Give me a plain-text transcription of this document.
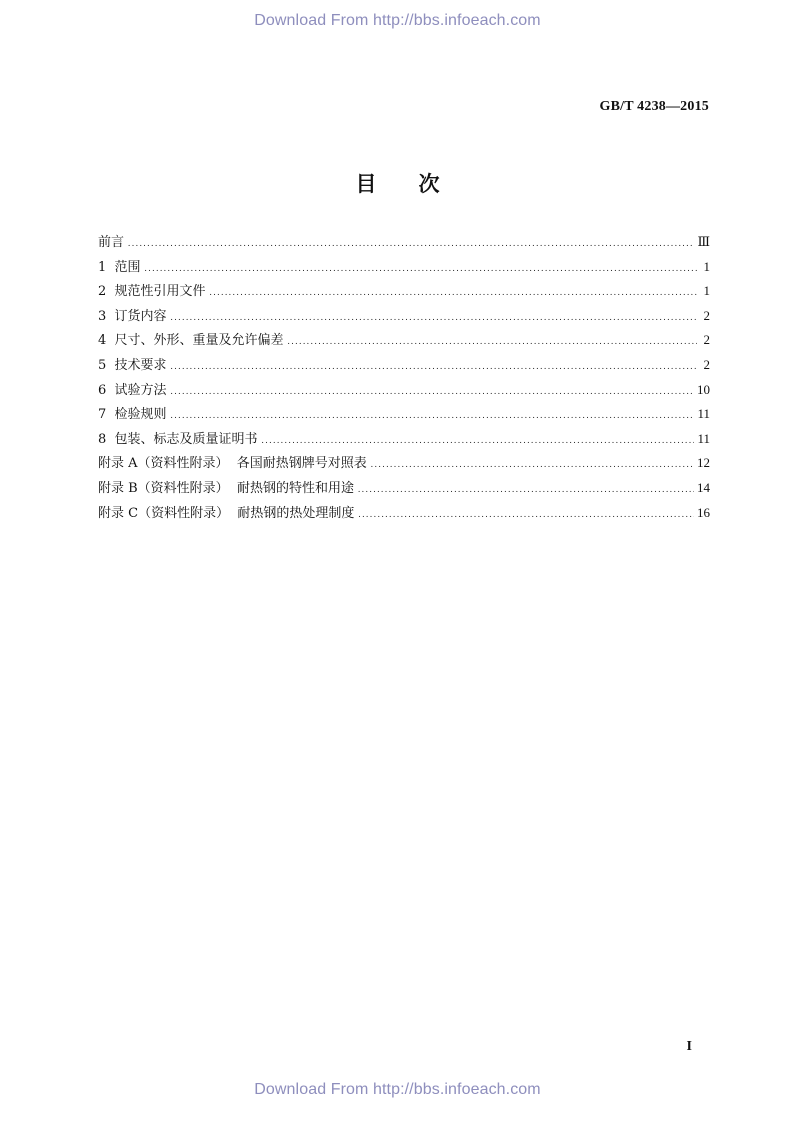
Download From http://bbs.infoeach.com
GB/T 4238—2015
目次
前言 .....	Ⅲ
1  范围 .....	1
2  规范性引用文件 .....	1
3  订货内容 .....	2
4  尺寸、外形、重量及允许偏差 .....	2
5  技术要求 .....	2
6  试验方法 .....	10
7  检验规则 .....	11
8  包装、标志及质量证明书 .....	11
附录 A（资料性附录）  各国耐热钢牌号对照表 .....	12
附录 B（资料性附录）  耐热钢的特性和用途 .....	14
附录 C（资料性附录）  耐热钢的热处理制度 .....	16
I
Download From http://bbs.infoeach.com
